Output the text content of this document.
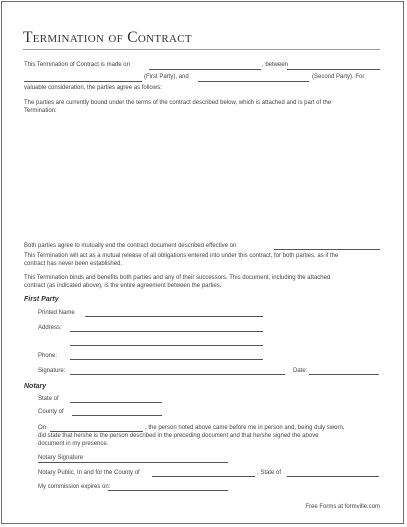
Termination of Contract
This Termination of Contract is made on	, between
(First Party), and	(Second Party). For
valuable consideration, the parties agree as follows:
The parties are currently bound under the terms of the contract described below, which is attached and is part of the
Termination:
Both parties agree to mutually end the contract document described effective on
This Termination will act as a mutual release of all obligations entered into under this contract, for both parties, as if the
contract has never been established.
This Termination binds and benefits both parties and any of their successors. This document, including the attached
contract (as indicated above), is the entire agreement between the parties.
First Party
Printed Name
Address:
Phone:
Signature:	Date:
Notary
State of
County of
On	, the person noted above came before me in person and, being duly sworn,
did state that he/she is the person described in the preceding document and that he/she signed the above
document in my presence.
Notary Signature
Notary Public, In and for the County of	, State of
My commission expires on:
Free Forms at formville.com
